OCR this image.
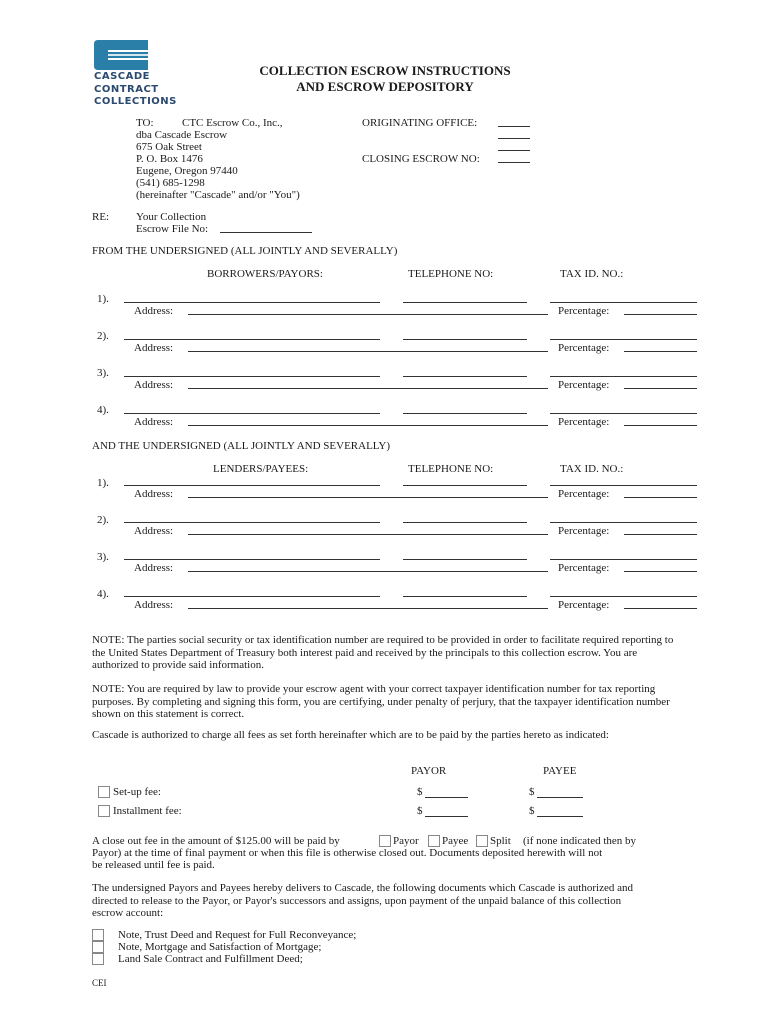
CASCADE
CONTRACT
COLLECTIONS
COLLECTION ESCROW INSTRUCTIONS
AND ESCROW DEPOSITORY
TO:	CTC Escrow Co., Inc.,
dba Cascade Escrow
675 Oak Street
P. O. Box 1476
Eugene, Oregon 97440
(541) 685-1298
(hereinafter "Cascade" and/or "You")
ORIGINATING OFFICE:
CLOSING ESCROW NO:
RE: Your Collection
Escrow File No:
FROM THE UNDERSIGNED (ALL JOINTLY AND SEVERALLY)
BORROWERS/PAYORS:	TELEPHONE NO:	TAX ID. NO.:
1).
Address:	Percentage:
2).
Address:	Percentage:
3).
Address:	Percentage:
4).
Address:	Percentage:
AND THE UNDERSIGNED (ALL JOINTLY AND SEVERALLY)
LENDERS/PAYEES:	TELEPHONE NO:	TAX ID. NO.:
1).
Address:	Percentage:
2).
Address:	Percentage:
3).
Address:	Percentage:
4).
Address:	Percentage:
NOTE: The parties social security or tax identification number are required to be provided in order to facilitate required reporting to the United States Department of Treasury both interest paid and received by the principals to this collection escrow. You are authorized to provide said information.
NOTE: You are required by law to provide your escrow agent with your correct taxpayer identification number for tax reporting purposes. By completing and signing this form, you are certifying, under penalty of perjury, that the taxpayer identification number shown on this statement is correct.
Cascade is authorized to charge all fees as set forth hereinafter which are to be paid by the parties hereto as indicated:
PAYOR	PAYEE
Set-up fee:	$	$
Installment fee:	$	$
A close out fee in the amount of $125.00 will be paid by	Payor Payee Split (if none indicated then by
Payor) at the time of final payment or when this file is otherwise closed out. Documents deposited herewith will not
be released until fee is paid.
The undersigned Payors and Payees hereby delivers to Cascade, the following documents which Cascade is authorized and directed to release to the Payor, or Payor's successors and assigns, upon payment of the unpaid balance of this collection escrow account:
Note, Trust Deed and Request for Full Reconveyance;
Note, Mortgage and Satisfaction of Mortgage;
Land Sale Contract and Fulfillment Deed;
CEI
